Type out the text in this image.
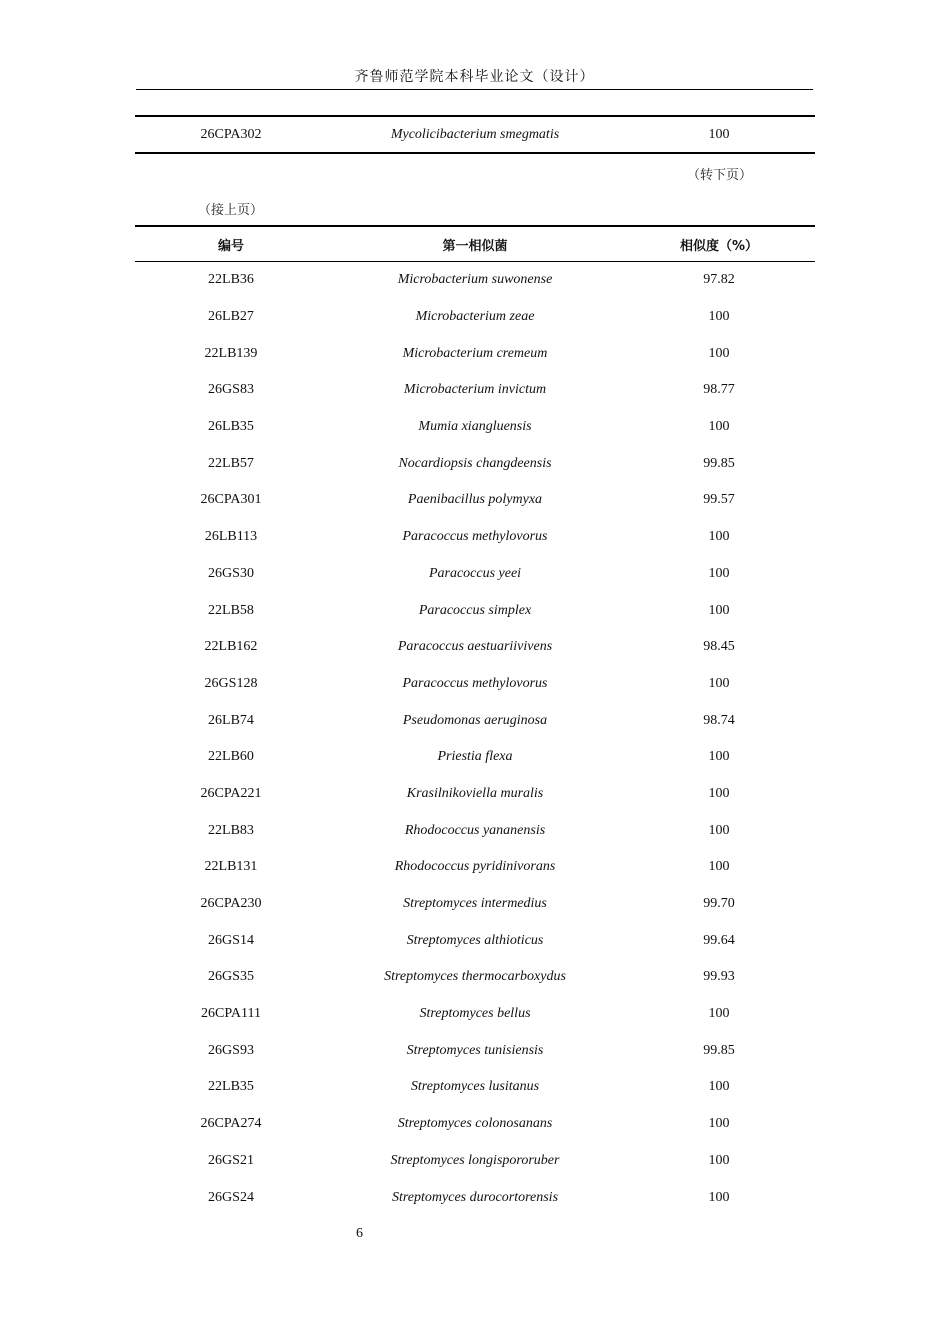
齐鲁师范学院本科毕业论文（设计）
26CPA302	Mycolicibacterium smegmatis	100
（转下页）
（接上页）
编号	第一相似菌	相似度（%）
22LB36	Microbacterium suwonense	97.82
26LB27	Microbacterium zeae	100
22LB139	Microbacterium cremeum	100
26GS83	Microbacterium invictum	98.77
26LB35	Mumia xiangluensis	100
22LB57	Nocardiopsis changdeensis	99.85
26CPA301	Paenibacillus polymyxa	99.57
26LB113	Paracoccus methylovorus	100
26GS30	Paracoccus yeei	100
22LB58	Paracoccus simplex	100
22LB162	Paracoccus aestuariivivens	98.45
26GS128	Paracoccus methylovorus	100
26LB74	Pseudomonas aeruginosa	98.74
22LB60	Priestia flexa	100
26CPA221	Krasilnikoviella muralis	100
22LB83	Rhodococcus yananensis	100
22LB131	Rhodococcus pyridinivorans	100
26CPA230	Streptomyces intermedius	99.70
26GS14	Streptomyces althioticus	99.64
26GS35	Streptomyces thermocarboxydus	99.93
26CPA111	Streptomyces bellus	100
26GS93	Streptomyces tunisiensis	99.85
22LB35	Streptomyces lusitanus	100
26CPA274	Streptomyces colonosanans	100
26GS21	Streptomyces longispororuber	100
26GS24	Streptomyces durocortorensis	100
6
